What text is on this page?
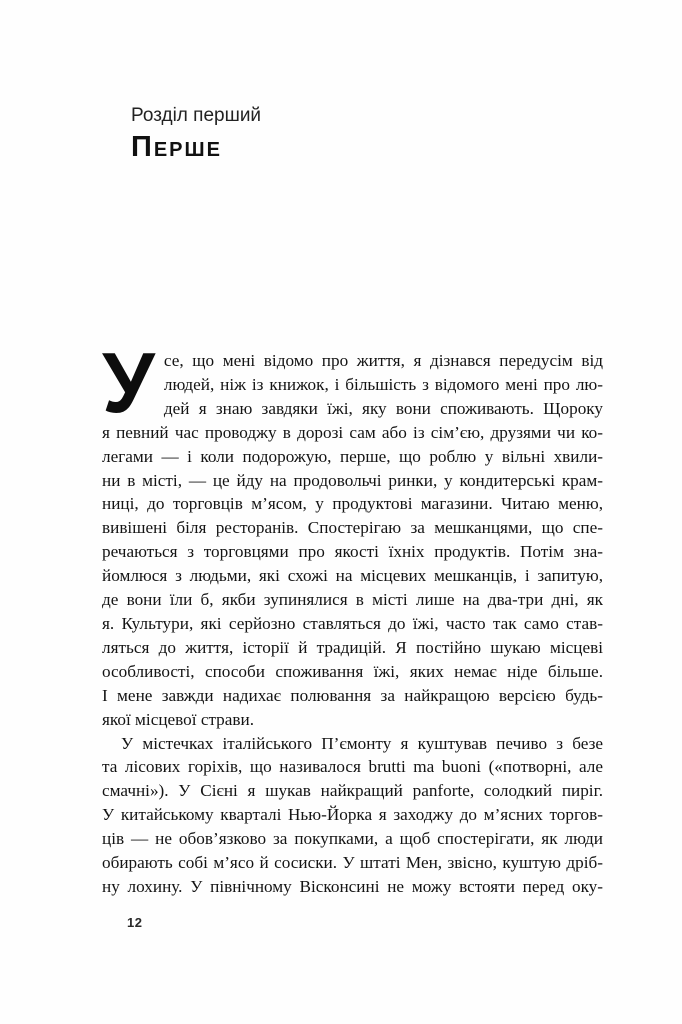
Розділ перший
Перше
У се, що мені відомо про життя, я дізнався передусім від
людей, ніж із книжок, і більшість з відомого мені про лю-
дей я знаю завдяки їжі, яку вони споживають. Щороку
я певний час проводжу в дорозі сам або із сім’єю, друзями чи ко-
легами — і коли подорожую, перше, що роблю у вільні хвили-
ни в місті, — це йду на продовольчі ринки, у кондитерські крам-
ниці, до торговців м’ясом, у продуктові магазини. Читаю меню,
вивішені біля ресторанів. Спостерігаю за мешканцями, що спе-
речаються з торговцями про якості їхніх продуктів. Потім зна-
йомлюся з людьми, які схожі на місцевих мешканців, і запитую,
де вони їли б, якби зупинялися в місті лише на два-три дні, як
я. Культури, які серйозно ставляться до їжі, часто так само став-
ляться до життя, історії й традицій. Я постійно шукаю місцеві
особливості, способи споживання їжі, яких немає ніде більше.
І мене завжди надихає полювання за найкращою версією будь-
якої місцевої страви.
У містечках італійського П’ємонту я куштував печиво з безе
та лісових горіхів, що називалося brutti ma buoni («потворні, але
смачні»). У Сієні я шукав найкращий panforte, солодкий пиріг.
У китайському кварталі Нью-Йорка я заходжу до м’ясних торгов-
ців — не обов’язково за покупками, а щоб спостерігати, як люди
обирають собі м’ясо й сосиски. У штаті Мен, звісно, куштую дріб-
ну лохину. У північному Вісконсині не можу встояти перед оку-
12
